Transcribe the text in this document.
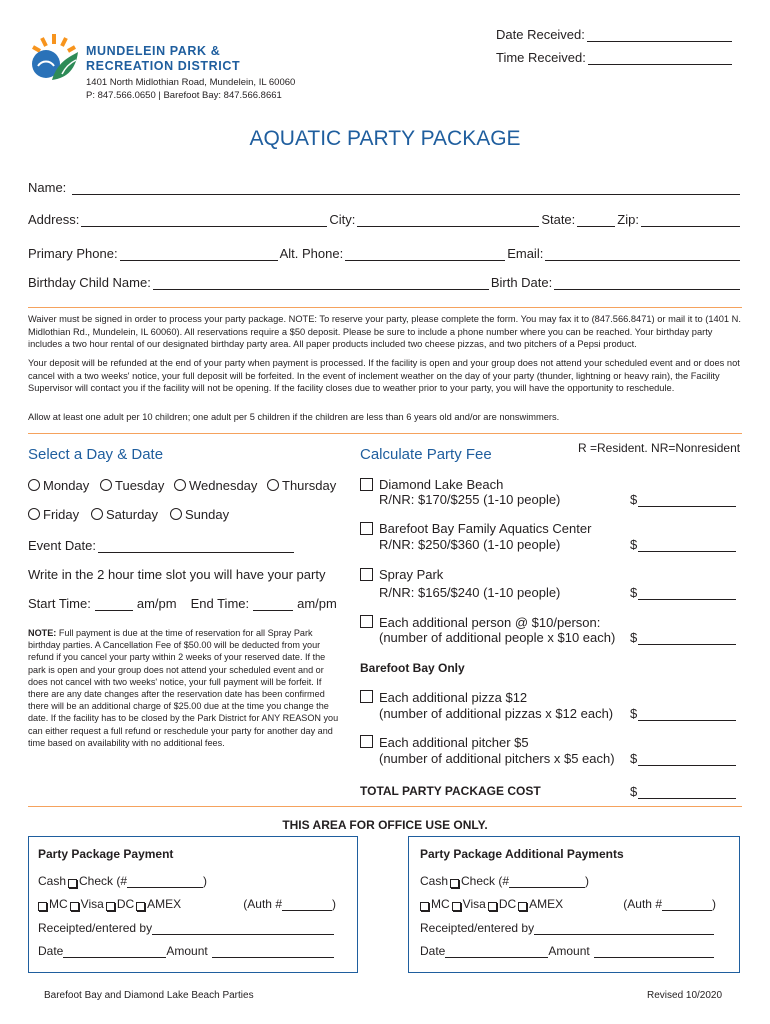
MUNDELEIN PARK &
RECREATION DISTRICT
1401 North Midlothian Road, Mundelein, IL 60060
P: 847.566.0650 | Barefoot Bay: 847.566.8661
Date Received:
Time Received:
AQUATIC PARTY PACKAGE
Name:
Address:	City:	State:	Zip:
Primary Phone:	Alt. Phone:	Email:
Birthday Child Name:	Birth Date:
Waiver must be signed in order to process your party package. NOTE: To reserve your party, please complete the form. You may fax it to (847.566.8471) or mail it to (1401 N. Midlothian Rd., Mundelein, IL 60060). All reservations require a $50 deposit. Please be sure to include a phone number where you can be reached. Your birthday party includes a two hour rental of our designated birthday party area. All paper products included two cheese pizzas, and two pitchers of a Pepsi product.
Your deposit will be refunded at the end of your party when payment is processed. If the facility is open and your group does not attend your scheduled event and or does not cancel with a two weeks' notice, your full deposit will be forfeited. In the event of inclement weather on the day of your party (thunder, lightning or heavy rain), the Facility Supervisor will contact you if the facility will not be opening. If the facility closes due to weather prior to your party, you will have the opportunity to reschedule.
Allow at least one adult per 10 children; one adult per 5 children if the children are less than 6 years old and/or are nonswimmers.
Select a Day & Date
Monday	Tuesday	Wednesday	Thursday
Friday	Saturday	Sunday
Event Date:
Write in the 2 hour time slot you will have your party
Start Time:	am/pm End Time:	am/pm
NOTE: Full payment is due at the time of reservation for all Spray Park birthday parties. A Cancellation Fee of $50.00 will be deducted from your refund if you cancel your party within 2 weeks of your reserved date. If the park is open and your group does not attend your scheduled event and or does not cancel with two weeks' notice, your full payment will be forfeit. If there are any date changes after the reservation date has been confirmed there will be an additional charge of $25.00 due at the time you change the date. If the facility has to be closed by the Park District for ANY REASON you can either request a full refund or reschedule your party for another day and time based on availability with no additional fees.
Calculate Party Fee	R =Resident. NR=Nonresident
Diamond Lake Beach
R/NR: $170/$255 (1-10 people)	$
Barefoot Bay Family Aquatics Center
R/NR: $250/$360 (1-10 people)	$
Spray Park
R/NR: $165/$240 (1-10 people)	$
Each additional person @ $10/person:
(number of additional people x $10 each) $
Barefoot Bay Only
Each additional pizza $12
(number of additional pizzas x $12 each) $
Each additional pitcher $5
(number of additional pitchers x $5 each) $
TOTAL PARTY PACKAGE COST	$
THIS AREA FOR OFFICE USE ONLY.
Party Package Payment
Cash Check (#	)
MC Visa DC AMEX	(Auth #	)
Receipted/entered by
Date	Amount
Party Package Additional Payments
Cash Check (#	)
MC Visa DC AMEX	(Auth #	)
Receipted/entered by
Date	Amount
Barefoot Bay and Diamond Lake Beach Parties	Revised 10/2020
